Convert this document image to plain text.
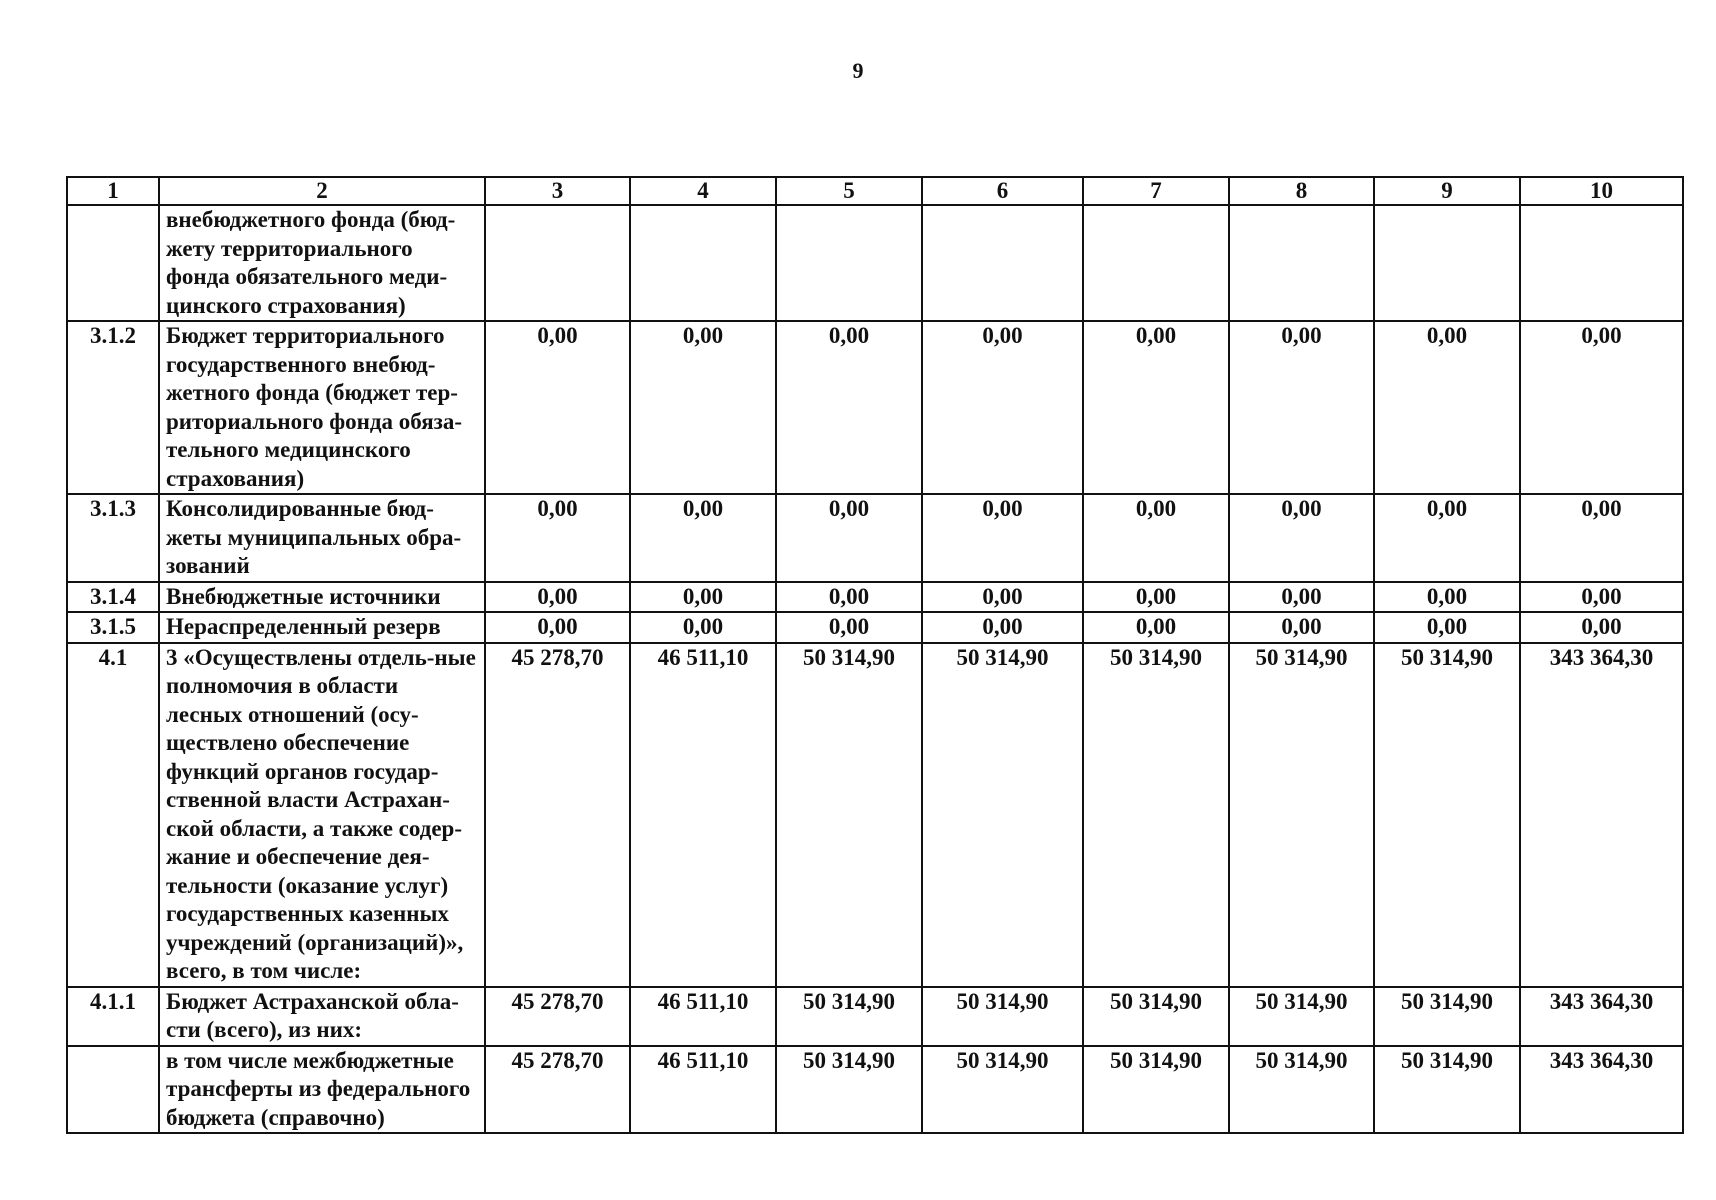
9
1	2	3	4	5	6	7	8	9	10
	внебюджетного фонда (бюд-жету территориального фонда обязательного меди-цинского страхования)								
3.1.2	Бюджет территориального государственного внебюд-жетного фонда (бюджет тер-риториального фонда обяза-тельного медицинского страхования)	0,00	0,00	0,00	0,00	0,00	0,00	0,00	0,00
3.1.3	Консолидированные бюд-жеты муниципальных обра-зований	0,00	0,00	0,00	0,00	0,00	0,00	0,00	0,00
3.1.4	Внебюджетные источники	0,00	0,00	0,00	0,00	0,00	0,00	0,00	0,00
3.1.5	Нераспределенный резерв	0,00	0,00	0,00	0,00	0,00	0,00	0,00	0,00
4.1	3 «Осуществлены отдель-ные полномочия в области лесных отношений (осу-ществлено обеспечение функций органов государ-ственной власти Астрахан-ской области, а также содер-жание и обеспечение дея-тельности (оказание услуг) государственных казенных учреждений (организаций)», всего, в том числе:	45 278,70	46 511,10	50 314,90	50 314,90	50 314,90	50 314,90	50 314,90	343 364,30
4.1.1	Бюджет Астраханской обла-сти (всего), из них:	45 278,70	46 511,10	50 314,90	50 314,90	50 314,90	50 314,90	50 314,90	343 364,30
	в том числе межбюджетные трансферты из федерального бюджета (справочно)	45 278,70	46 511,10	50 314,90	50 314,90	50 314,90	50 314,90	50 314,90	343 364,30
